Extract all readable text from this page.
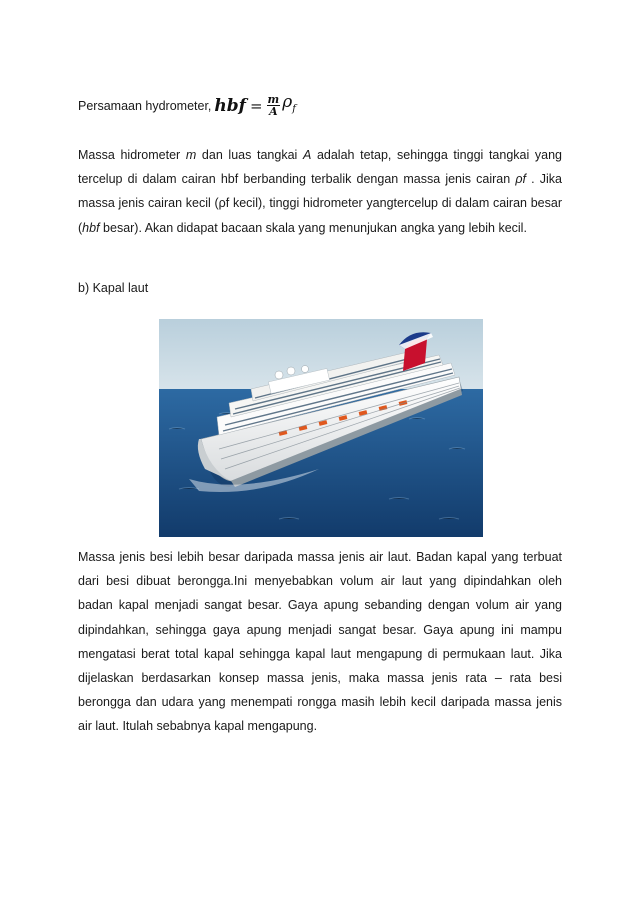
Persamaan hydrometer, hbf = $\frac{m}{A} \rho_f$

Massa hidrometer m dan luas tangkai A adalah tetap, sehingga tinggi tangkai yang tercelup di dalam cairan hbf berbanding terbalik dengan massa jenis cairan ρf . Jika massa jenis cairan kecil (ρf kecil), tinggi hidrometer yangtercelup di dalam cairan besar (hbf besar). Akan didapat bacaan skala yang menunjukan angka yang lebih kecil.

b) Kapal laut

Massa jenis besi lebih besar daripada massa jenis air laut. Badan kapal yang terbuat dari besi dibuat berongga.Ini menyebabkan volum air laut yang dipindahkan oleh badan kapal menjadi sangat besar. Gaya apung sebanding dengan volum air yang dipindahkan, sehingga gaya apung menjadi sangat besar. Gaya apung ini mampu mengatasi berat total kapal sehingga kapal laut mengapung di permukaan laut. Jika dijelaskan berdasarkan konsep massa jenis, maka massa jenis rata – rata besi berongga dan udara yang menempati rongga masih lebih kecil daripada massa jenis air laut. Itulah sebabnya kapal mengapung.
